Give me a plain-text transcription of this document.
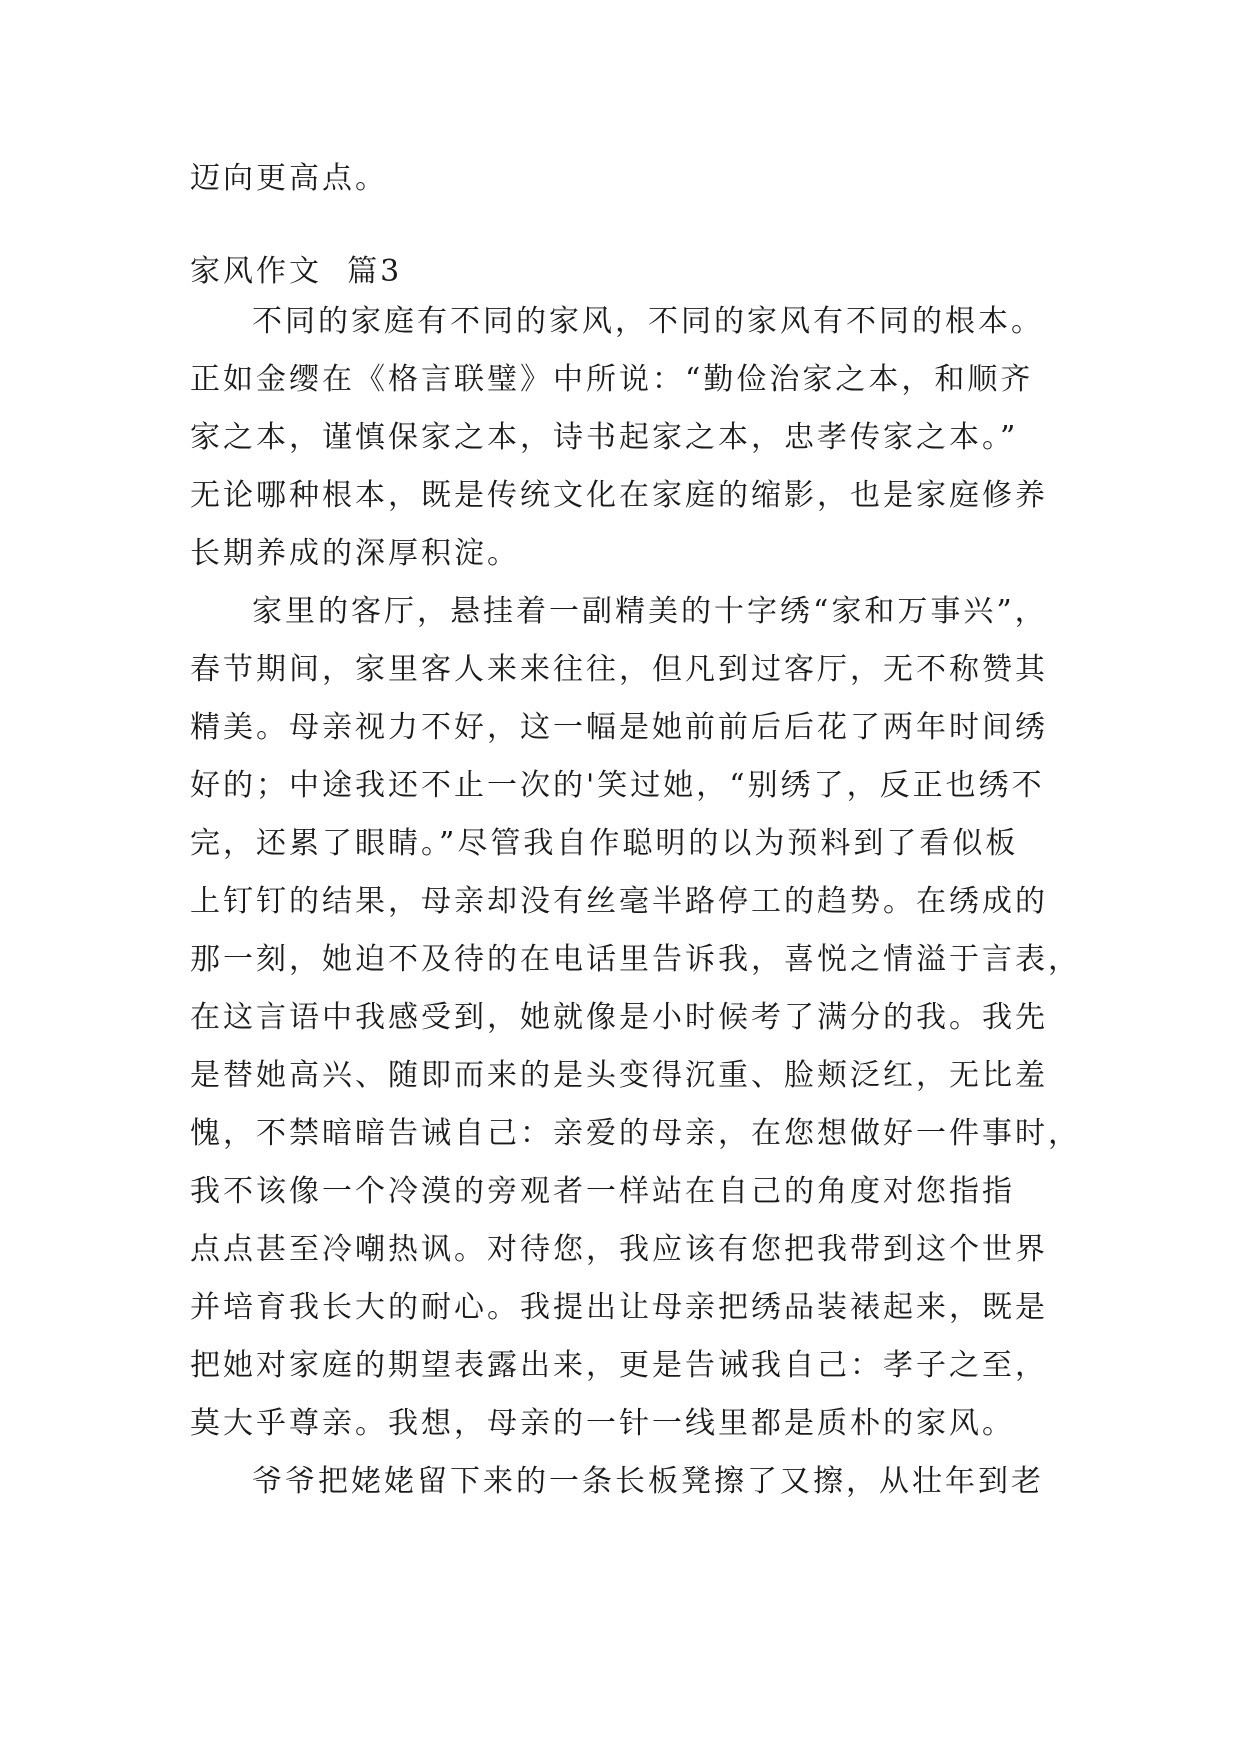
迈向更高点。
家风作文  篇3
不同的家庭有不同的家风，不同的家风有不同的根本。
正如金缨在《格言联璧》中所说：“勤俭治家之本，和顺齐
家之本，谨慎保家之本，诗书起家之本，忠孝传家之本。”
无论哪种根本，既是传统文化在家庭的缩影，也是家庭修养
长期养成的深厚积淀。
家里的客厅，悬挂着一副精美的十字绣“家和万事兴”，
春节期间，家里客人来来往往，但凡到过客厅，无不称赞其
精美。母亲视力不好，这一幅是她前前后后花了两年时间绣
好的；中途我还不止一次的'笑过她，“别绣了，反正也绣不
完，还累了眼睛。”尽管我自作聪明的以为预料到了看似板
上钉钉的结果，母亲却没有丝毫半路停工的趋势。在绣成的
那一刻，她迫不及待的在电话里告诉我，喜悦之情溢于言表，
在这言语中我感受到，她就像是小时候考了满分的我。我先
是替她高兴、随即而来的是头变得沉重、脸颊泛红，无比羞
愧，不禁暗暗告诫自己：亲爱的母亲，在您想做好一件事时，
我不该像一个冷漠的旁观者一样站在自己的角度对您指指
点点甚至冷嘲热讽。对待您，我应该有您把我带到这个世界
并培育我长大的耐心。我提出让母亲把绣品装裱起来，既是
把她对家庭的期望表露出来，更是告诫我自己：孝子之至，
莫大乎尊亲。我想，母亲的一针一线里都是质朴的家风。
爷爷把姥姥留下来的一条长板凳擦了又擦，从壮年到老
